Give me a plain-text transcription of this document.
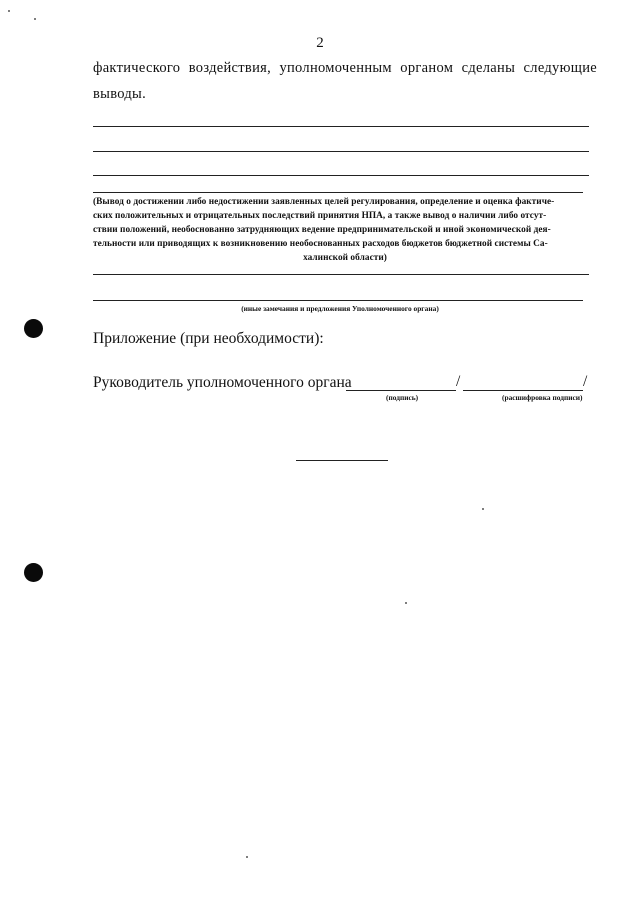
2
фактического воздействия, уполномоченным органом сделаны следующие
выводы.
(Вывод о достижении либо недостижении заявленных целей регулирования, определение и оценка фактиче-
ских положительных и отрицательных последствий принятия НПА, а также вывод о наличии либо отсут-
ствии положений, необоснованно затрудняющих ведение предпринимательской и иной экономической дея-
тельности или приводящих к возникновению необоснованных расходов бюджетов бюджетной системы Са-
халинской области)
(иные замечания и предложения Уполномоченного органа)
Приложение (при необходимости):
Руководитель уполномоченного органа	/	/
(подпись)	(расшифровка подписи)
